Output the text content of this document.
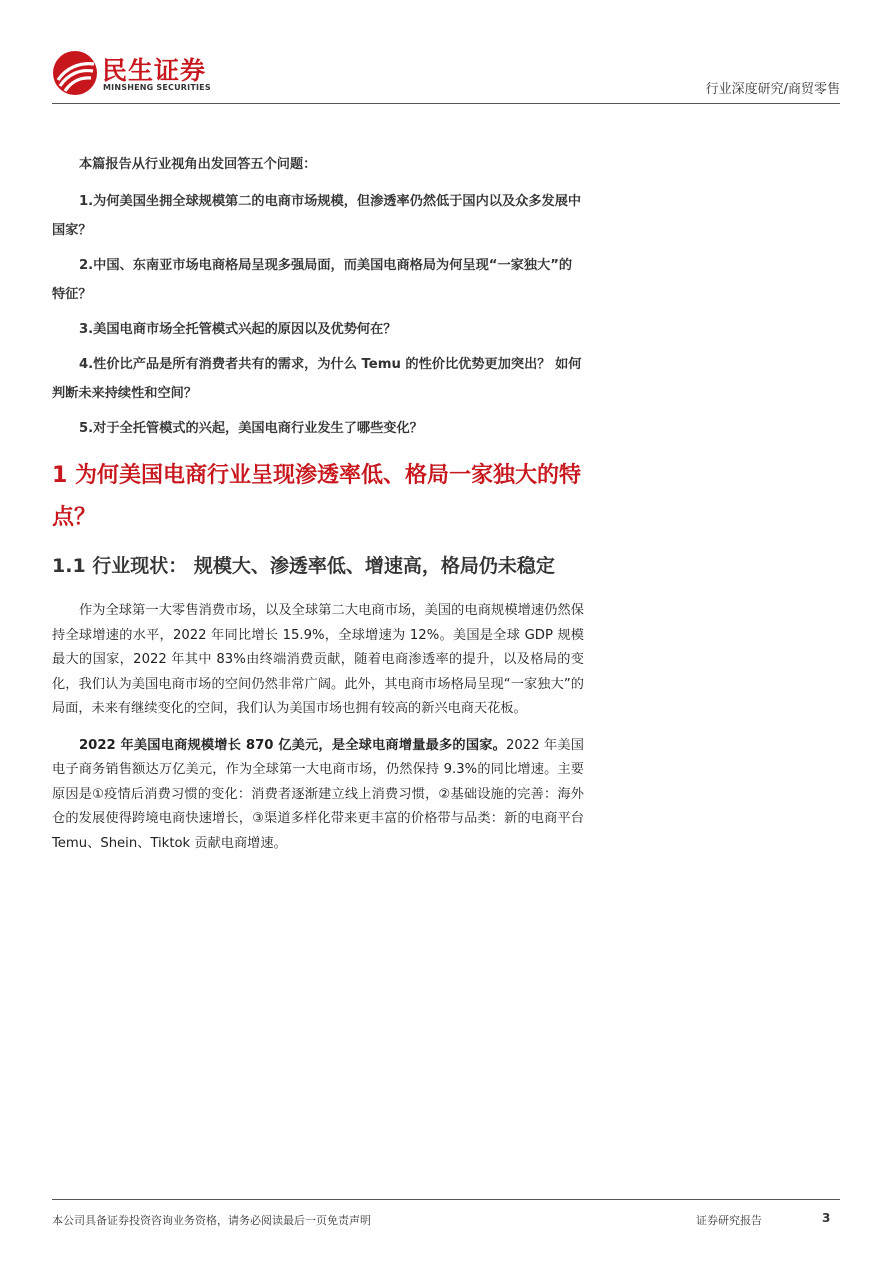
民生证券
MINSHENG SECURITIES	行业深度研究/商贸零售

本篇报告从行业视角出发回答五个问题：

1.为何美国坐拥全球规模第二的电商市场规模，但渗透率仍然低于国内以及众多发展中国家？

2.中国、东南亚市场电商格局呈现多强局面，而美国电商格局为何呈现“一家独大”的特征？

3.美国电商市场全托管模式兴起的原因以及优势何在？

4.性价比产品是所有消费者共有的需求，为什么 Temu 的性价比优势更加突出？ 如何判断未来持续性和空间？

5.对于全托管模式的兴起，美国电商行业发生了哪些变化？

1 为何美国电商行业呈现渗透率低、格局一家独大的特点？
1.1 行业现状： 规模大、渗透率低、增速高，格局仍未稳定

作为全球第一大零售消费市场，以及全球第二大电商市场，美国的电商规模增速仍然保持全球增速的水平，2022 年同比增长 15.9%，全球增速为 12%。美国是全球 GDP 规模最大的国家，2022 年其中 83%由终端消费贡献，随着电商渗透率的提升，以及格局的变化，我们认为美国电商市场的空间仍然非常广阔。此外，其电商市场格局呈现“一家独大”的局面，未来有继续变化的空间，我们认为美国市场也拥有较高的新兴电商天花板。

2022 年美国电商规模增长 870 亿美元，是全球电商增量最多的国家。2022 年美国电子商务销售额达万亿美元，作为全球第一大电商市场，仍然保持 9.3%的同比增速。主要原因是①疫情后消费习惯的变化：消费者逐渐建立线上消费习惯，②基础设施的完善：海外仓的发展使得跨境电商快速增长，③渠道多样化带来更丰富的价格带与品类：新的电商平台 Temu、Shein、Tiktok 贡献电商增速。

本公司具备证券投资咨询业务资格，请务必阅读最后一页免责声明	证券研究报告	3
